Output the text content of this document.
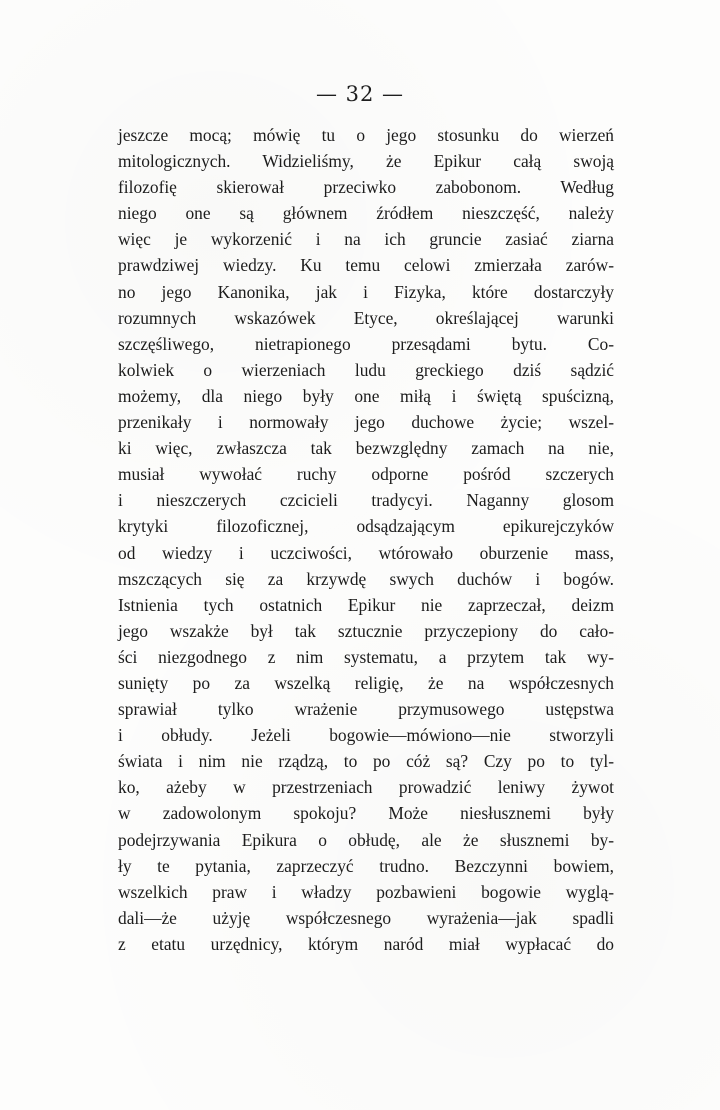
— 32 —
jeszcze mocą; mówię tu o jego stosunku do wierzeń
mitologicznych. Widzieliśmy, że Epikur całą swoją
filozofię skierował przeciwko zabobonom. Według
niego one są głównem źródłem nieszczęść, należy
więc je wykorzenić i na ich gruncie zasiać ziarna
prawdziwej wiedzy. Ku temu celowi zmierzała zarów-
no jego Kanonika, jak i Fizyka, które dostarczyły
rozumnych wskazówek Etyce, określającej warunki
szczęśliwego, nietrapionego przesądami bytu. Co-
kolwiek o wierzeniach ludu greckiego dziś sądzić
możemy, dla niego były one miłą i świętą spuścizną,
przenikały i normowały jego duchowe życie; wszel-
ki więc, zwłaszcza tak bezwzględny zamach na nie,
musiał wywołać ruchy odporne pośród szczerych
i nieszczerych czcicieli tradycyi. Naganny glosom
krytyki filozoficznej, odsądzającym epikurejczyków
od wiedzy i uczciwości, wtórowało oburzenie mass,
mszczących się za krzywdę swych duchów i bogów.
Istnienia tych ostatnich Epikur nie zaprzeczał, deizm
jego wszakże był tak sztucznie przyczepiony do cało-
ści niezgodnego z nim systematu, a przytem tak wy-
sunięty po za wszelką religię, że na współczesnych
sprawiał tylko wrażenie przymusowego ustępstwa
i obłudy. Jeżeli bogowie—mówiono—nie stworzyli
świata i nim nie rządzą, to po cóż są? Czy po to tyl-
ko, ażeby w przestrzeniach prowadzić leniwy żywot
w zadowolonym spokoju? Może niesłusznemi były
podejrzywania Epikura o obłudę, ale że słusznemi by-
ły te pytania, zaprzeczyć trudno. Bezczynni bowiem,
wszelkich praw i władzy pozbawieni bogowie wyglą-
dali—że użyję współczesnego wyrażenia—jak spadli
z etatu urzędnicy, którym naród miał wypłacać do
